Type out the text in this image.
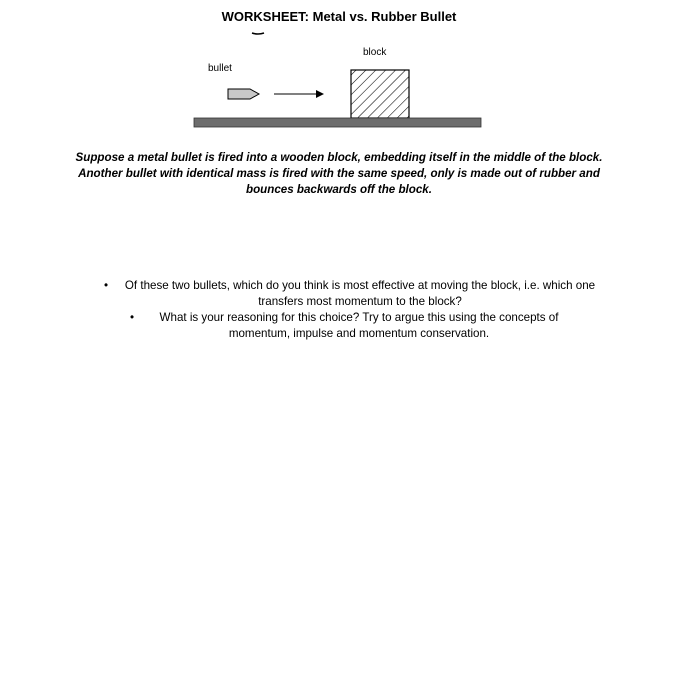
WORKSHEET: Metal vs. Rubber Bullet
bullet
block

Suppose a metal bullet is fired into a wooden block, embedding itself in the middle of the block. Another bullet with identical mass is fired with the same speed, only is made out of rubber and bounces backwards off the block.

• Of these two bullets, which do you think is most effective at moving the block, i.e. which one transfers most momentum to the block?
• What is your reasoning for this choice? Try to argue this using the concepts of momentum, impulse and momentum conservation.
